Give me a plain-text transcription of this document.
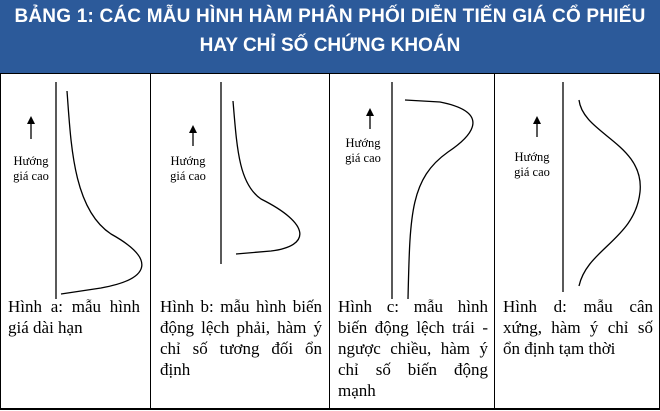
BẢNG 1: CÁC MẪU HÌNH HÀM PHÂN PHỐI DIỄN TIẾN GIÁ CỔ PHIẾU
HAY CHỈ SỐ CHỨNG KHOÁN
Hướng
giá cao
Hình a: mẫu hình giá dài hạn
Hướng
giá cao
Hình b: mẫu hình biến động lệch phải, hàm ý chỉ số tương đối ổn định
Hướng
giá cao
Hình c: mẫu hình biến động lệch trái - ngược chiều, hàm ý chỉ số biến động mạnh
Hướng
giá cao
Hình d: mẫu cân xứng, hàm ý chỉ số ổn định tạm thời
